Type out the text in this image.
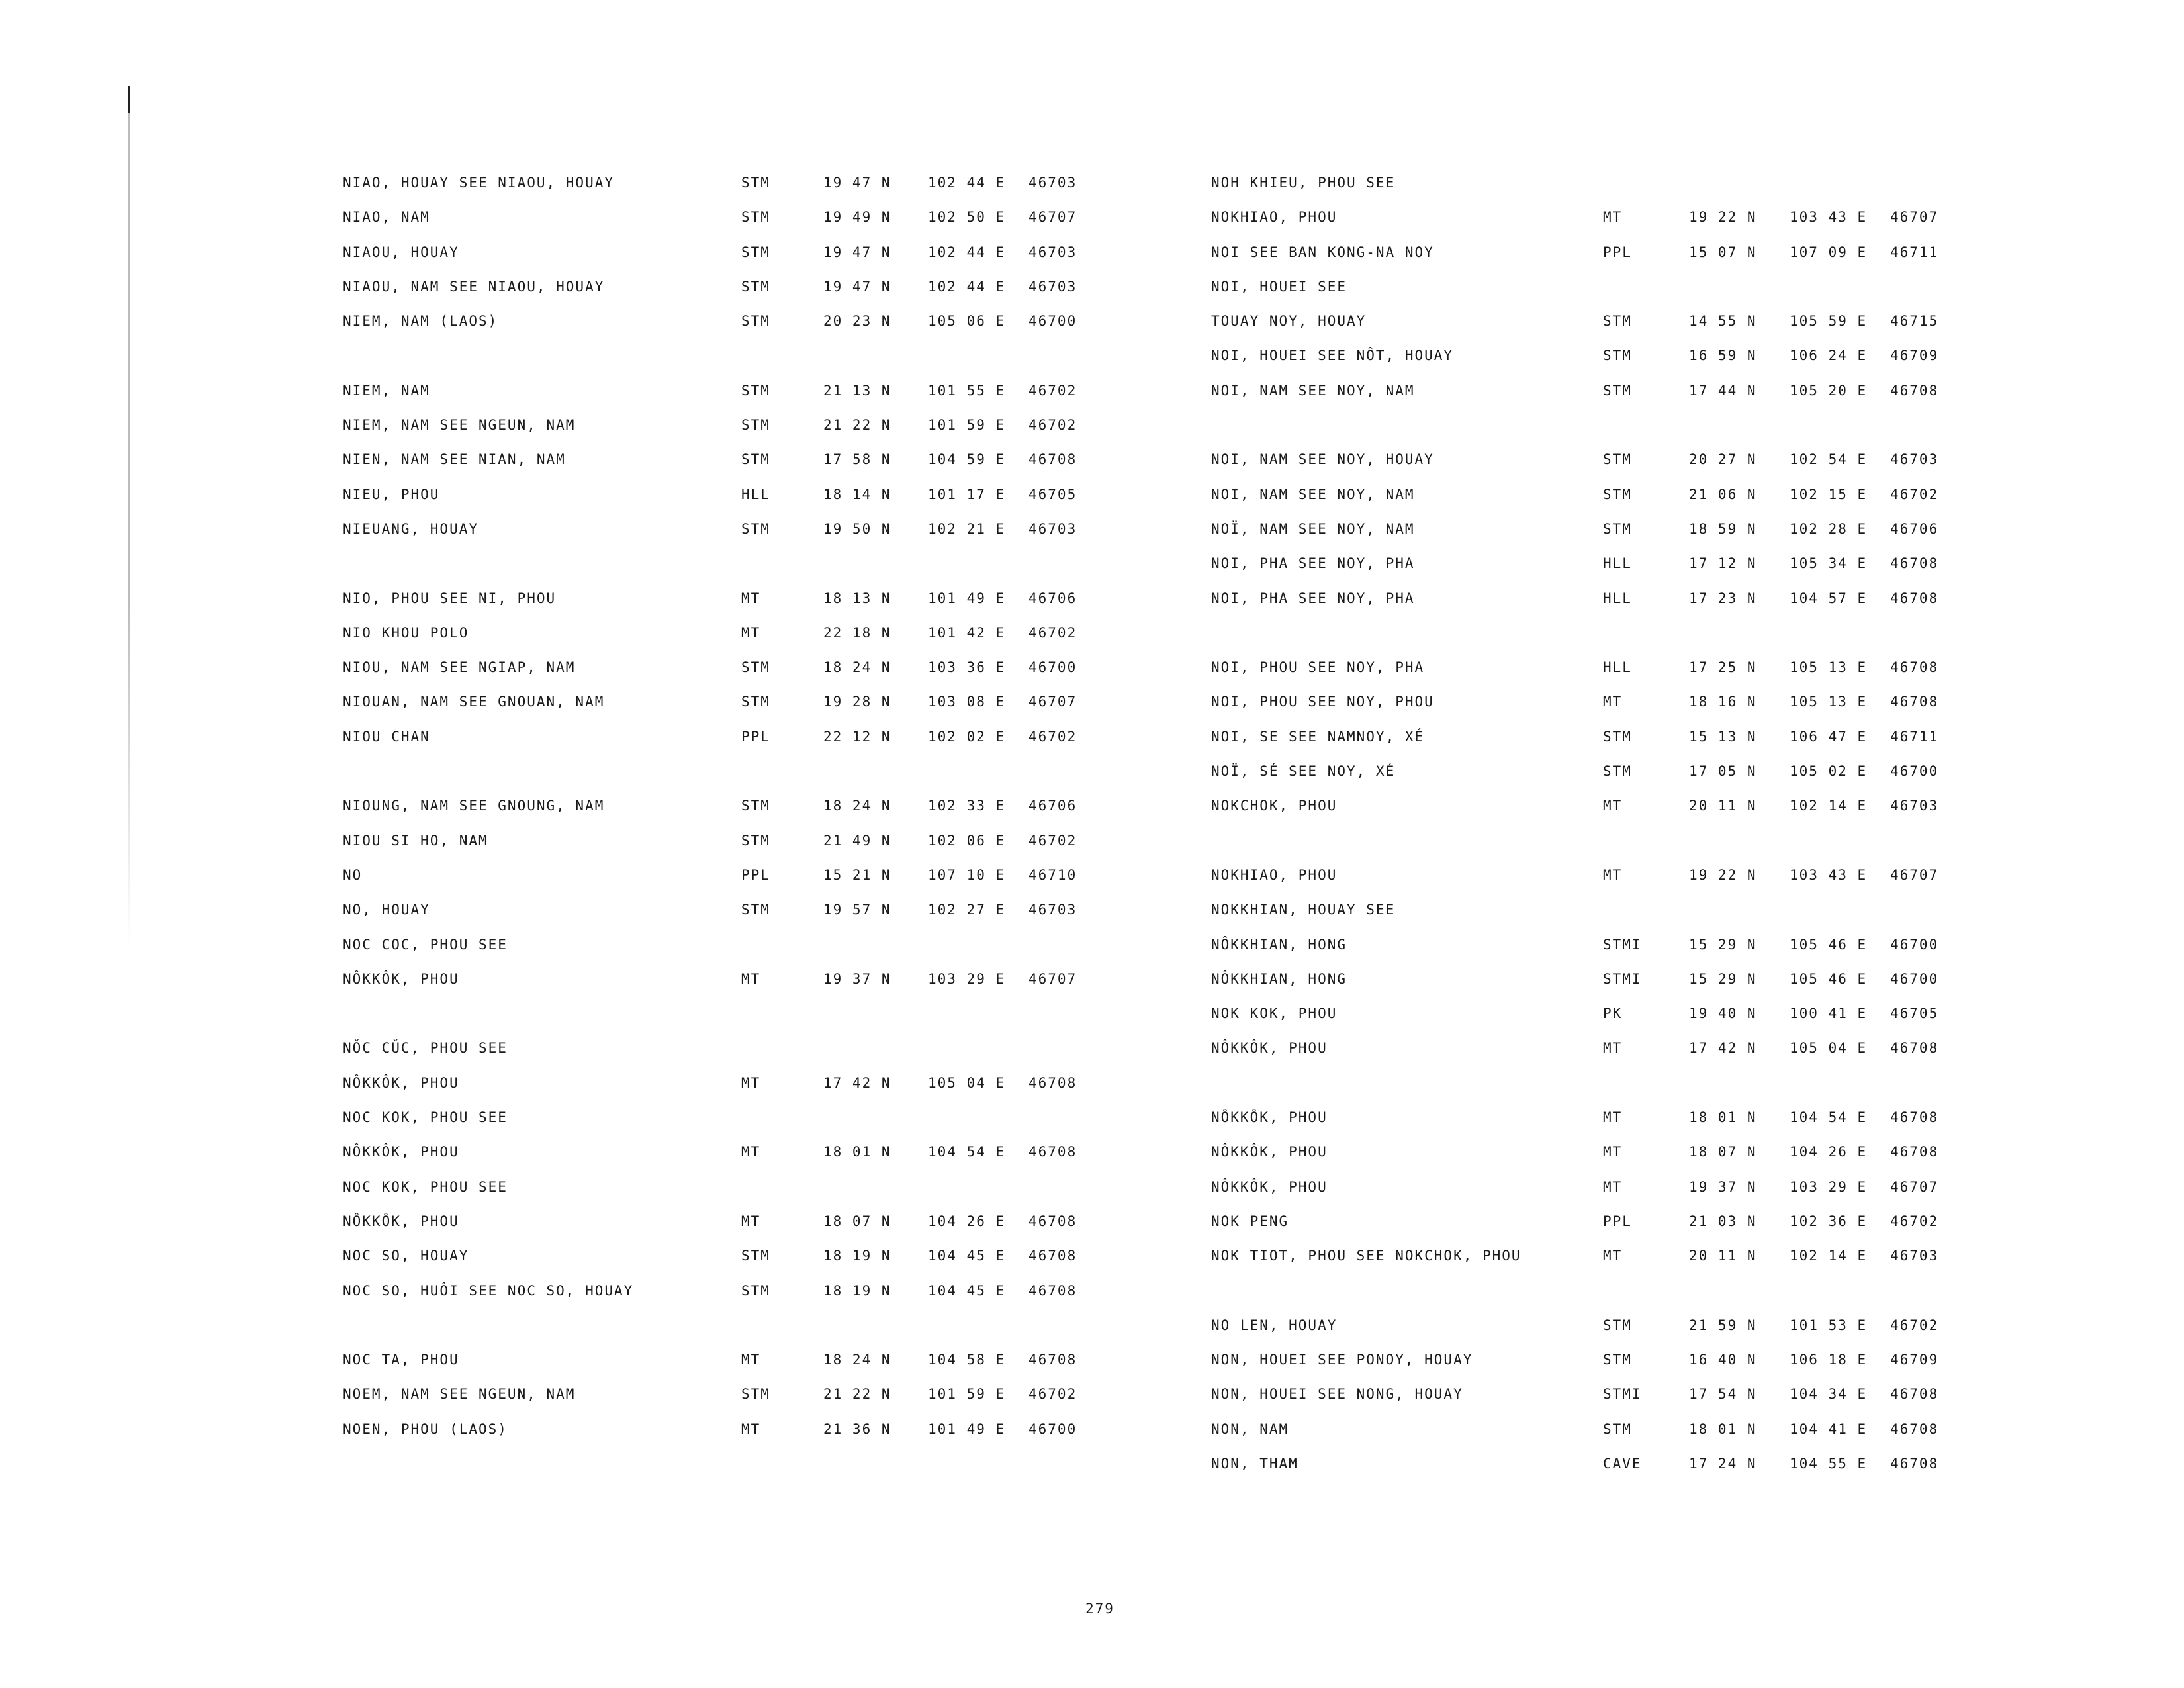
NIAO, HOUAY SEE NIAOU, HOUAY	STM	19 47 N	102 44 E 46703
NIAO, NAM	STM	19 49 N	102 50 E 46707
NIAOU, HOUAY	STM	19 47 N	102 44 E 46703
NIAOU, NAM SEE NIAOU, HOUAY	STM	19 47 N	102 44 E 46703
NIEM, NAM (LAOS)	STM	20 23 N	105 06 E 46700
NIEM, NAM	STM	21 13 N	101 55 E 46702
NIEM, NAM SEE NGEUN, NAM	STM	21 22 N	101 59 E 46702
NIEN, NAM SEE NIAN, NAM	STM	17 58 N	104 59 E 46708
NIEU, PHOU	HLL	18 14 N	101 17 E 46705
NIEUANG, HOUAY	STM	19 50 N	102 21 E 46703
NIO, PHOU SEE NI, PHOU	MT	18 13 N	101 49 E 46706
NIO KHOU POLO	MT	22 18 N	101 42 E 46702
NIOU, NAM SEE NGIAP, NAM	STM	18 24 N	103 36 E 46700
NIOUAN, NAM SEE GNOUAN, NAM	STM	19 28 N	103 08 E 46707
NIOU CHAN	PPL	22 12 N	102 02 E 46702
NIOUNG, NAM SEE GNOUNG, NAM	STM	18 24 N	102 33 E 46706
NIOU SI HO, NAM	STM	21 49 N	102 06 E 46702
NO	PPL	15 21 N	107 10 E 46710
NO, HOUAY	STM	19 57 N	102 27 E 46703
NOC COC, PHOU SEE
NÔKKÔK, PHOU	MT	19 37 N	103 29 E 46707
NǑC CǓC, PHOU SEE
NÔKKÔK, PHOU	MT	17 42 N	105 04 E 46708
NOC KOK, PHOU SEE
NÔKKÔK, PHOU	MT	18 01 N	104 54 E 46708
NOC KOK, PHOU SEE
NÔKKÔK, PHOU	MT	18 07 N	104 26 E 46708
NOC SO, HOUAY	STM	18 19 N	104 45 E 46708
NOC SO, HUÔI SEE NOC SO, HOUAY	STM	18 19 N	104 45 E 46708
NOC TA, PHOU	MT	18 24 N	104 58 E 46708
NOEM, NAM SEE NGEUN, NAM	STM	21 22 N	101 59 E 46702
NOEN, PHOU (LAOS)	MT	21 36 N	101 49 E 46700
NOH KHIEU, PHOU SEE
NOKHIAO, PHOU	MT	19 22 N 103 43 E 46707
NOI SEE BAN KONG-NA NOY	PPL	15 07 N 107 09 E 46711
NOI, HOUEI SEE
TOUAY NOY, HOUAY	STM	14 55 N 105 59 E 46715
NOI, HOUEI SEE NÔT, HOUAY	STM	16 59 N 106 24 E 46709
NOI, NAM SEE NOY, NAM	STM	17 44 N 105 20 E 46708
NOI, NAM SEE NOY, HOUAY	STM	20 27 N 102 54 E 46703
NOI, NAM SEE NOY, NAM	STM	21 06 N 102 15 E 46702
NOÏ, NAM SEE NOY, NAM	STM	18 59 N 102 28 E 46706
NOI, PHA SEE NOY, PHA	HLL	17 12 N 105 34 E 46708
NOI, PHA SEE NOY, PHA	HLL	17 23 N 104 57 E 46708
NOI, PHOU SEE NOY, PHA	HLL	17 25 N 105 13 E 46708
NOI, PHOU SEE NOY, PHOU	MT	18 16 N 105 13 E 46708
NOI, SE SEE NAMNOY, XÉ	STM	15 13 N 106 47 E 46711
NOÏ, SÉ SEE NOY, XÉ	STM	17 05 N 105 02 E 46700
NOKCHOK, PHOU	MT	20 11 N 102 14 E 46703
NOKHIAO, PHOU	MT	19 22 N 103 43 E 46707
NOKKHIAN, HOUAY SEE
NÔKKHIAN, HONG	STMI	15 29 N 105 46 E 46700
NÔKKHIAN, HONG	STMI	15 29 N 105 46 E 46700
NOK KOK, PHOU	PK	19 40 N 100 41 E 46705
NÔKKÔK, PHOU	MT	17 42 N 105 04 E 46708
NÔKKÔK, PHOU	MT	18 01 N 104 54 E 46708
NÔKKÔK, PHOU	MT	18 07 N 104 26 E 46708
NÔKKÔK, PHOU	MT	19 37 N 103 29 E 46707
NOK PENG	PPL	21 03 N 102 36 E 46702
NOK TIOT, PHOU SEE NOKCHOK, PHOU	MT	20 11 N 102 14 E 46703
NO LEN, HOUAY	STM	21 59 N 101 53 E 46702
NON, HOUEI SEE PONOY, HOUAY	STM	16 40 N 106 18 E 46709
NON, HOUEI SEE NONG, HOUAY	STMI	17 54 N 104 34 E 46708
NON, NAM	STM	18 01 N 104 41 E 46708
NON, THAM	CAVE	17 24 N 104 55 E 46708
279
